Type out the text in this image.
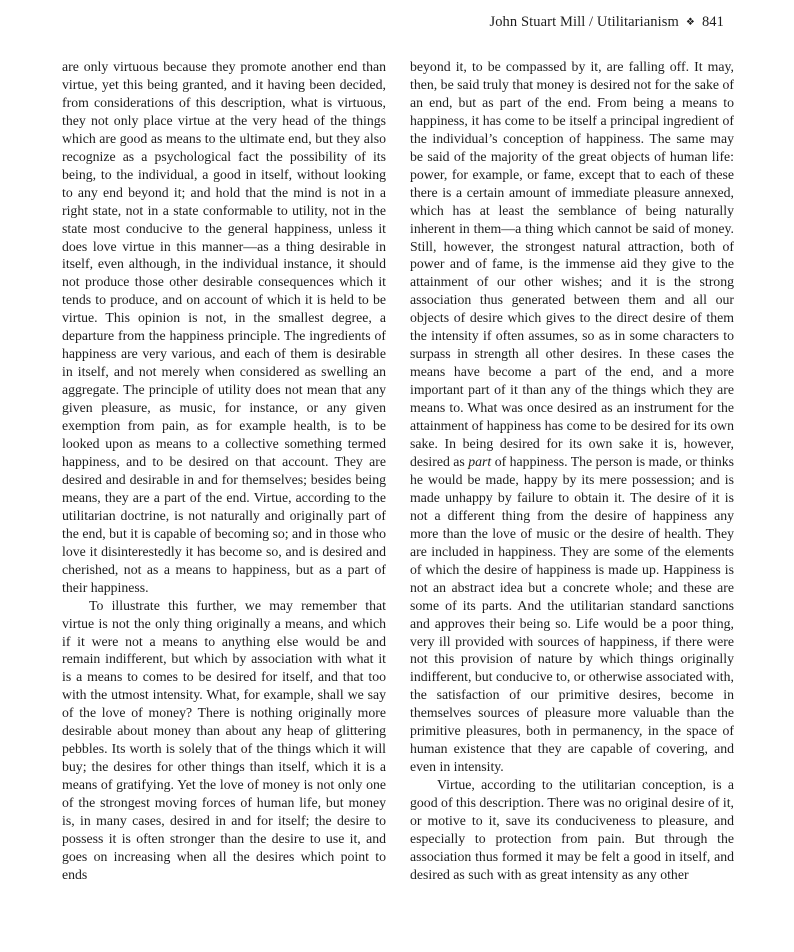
John Stuart Mill / Utilitarianism ❖ 841

are only virtuous because they promote another end than virtue, yet this being granted, and it having been decided, from considerations of this description, what is virtuous, they not only place virtue at the very head of the things which are good as means to the ultimate end, but they also recognize as a psychological fact the possibility of its being, to the individual, a good in itself, without looking to any end beyond it; and hold that the mind is not in a right state, not in a state conformable to utility, not in the state most conducive to the general happiness, unless it does love virtue in this manner—as a thing desirable in itself, even although, in the individual instance, it should not produce those other desirable consequences which it tends to produce, and on account of which it is held to be virtue. This opinion is not, in the smallest degree, a departure from the happiness principle. The ingredients of happiness are very various, and each of them is desirable in itself, and not merely when considered as swelling an aggregate. The principle of utility does not mean that any given pleasure, as music, for instance, or any given exemption from pain, as for example health, is to be looked upon as means to a collective something termed happiness, and to be desired on that account. They are desired and desirable in and for themselves; besides being means, they are a part of the end. Virtue, according to the utilitarian doctrine, is not naturally and originally part of the end, but it is capable of becoming so; and in those who love it disinterestedly it has become so, and is desired and cherished, not as a means to happiness, but as a part of their happiness.

To illustrate this further, we may remember that virtue is not the only thing originally a means, and which if it were not a means to anything else would be and remain indifferent, but which by association with what it is a means to comes to be desired for itself, and that too with the utmost intensity. What, for example, shall we say of the love of money? There is nothing originally more desirable about money than about any heap of glittering pebbles. Its worth is solely that of the things which it will buy; the desires for other things than itself, which it is a means of gratifying. Yet the love of money is not only one of the strongest moving forces of human life, but money is, in many cases, desired in and for itself; the desire to possess it is often stronger than the desire to use it, and goes on increasing when all the desires which point to ends

beyond it, to be compassed by it, are falling off. It may, then, be said truly that money is desired not for the sake of an end, but as part of the end. From being a means to happiness, it has come to be itself a principal ingredient of the individual’s conception of happiness. The same may be said of the majority of the great objects of human life: power, for example, or fame, except that to each of these there is a certain amount of immediate pleasure annexed, which has at least the semblance of being naturally inherent in them—a thing which cannot be said of money. Still, however, the strongest natural attraction, both of power and of fame, is the immense aid they give to the attainment of our other wishes; and it is the strong association thus generated between them and all our objects of desire which gives to the direct desire of them the intensity if often assumes, so as in some characters to surpass in strength all other desires. In these cases the means have become a part of the end, and a more important part of it than any of the things which they are means to. What was once desired as an instrument for the attainment of happiness has come to be desired for its own sake. In being desired for its own sake it is, however, desired as part of happiness. The person is made, or thinks he would be made, happy by its mere possession; and is made unhappy by failure to obtain it. The desire of it is not a different thing from the desire of happiness any more than the love of music or the desire of health. They are included in happiness. They are some of the elements of which the desire of happiness is made up. Happiness is not an abstract idea but a concrete whole; and these are some of its parts. And the utilitarian standard sanctions and approves their being so. Life would be a poor thing, very ill provided with sources of happiness, if there were not this provision of nature by which things originally indifferent, but conducive to, or otherwise associated with, the satisfaction of our primitive desires, become in themselves sources of pleasure more valuable than the primitive pleasures, both in permanency, in the space of human existence that they are capable of covering, and even in intensity.

Virtue, according to the utilitarian conception, is a good of this description. There was no original desire of it, or motive to it, save its conduciveness to pleasure, and especially to protection from pain. But through the association thus formed it may be felt a good in itself, and desired as such with as great intensity as any other
